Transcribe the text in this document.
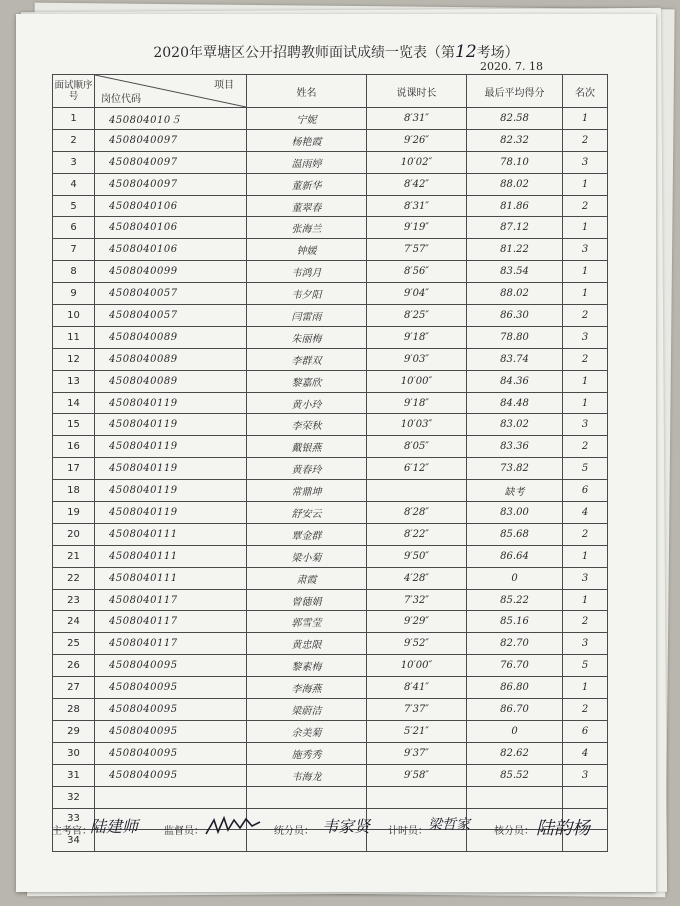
2020年覃塘区公开招聘教师面试成绩一览表（第12考场）
2020. 7. 18
面试顺序号	项目
岗位代码	姓名	说课时长	最后平均得分	名次
1	450804010５	宁妮	8′31″	82.58	1
2	4508040097	杨艳霞	9′26″	82.32	2
3	4508040097	温雨婷	10′02″	78.10	3
4	4508040097	董新华	8′42″	88.02	1
5	4508040106	董翠春	8′31″	81.86	2
6	4508040106	张海兰	9′19″	87.12	1
7	4508040106	钟媛	7′57″	81.22	3
8	4508040099	韦鸿月	8′56″	83.54	1
9	4508040057	韦夕阳	9′04″	88.02	1
10	4508040057	闫雷雨	8′25″	86.30	2
11	4508040089	朱丽梅	9′18″	78.80	3
12	4508040089	李群双	9′03″	83.74	2
13	4508040089	黎嘉欣	10′00″	84.36	1
14	4508040119	黄小玲	9′18″	84.48	1
15	4508040119	李荣秋	10′03″	83.02	3
16	4508040119	戴银燕	8′05″	83.36	2
17	4508040119	黄春玲	6′12″	73.82	5
18	4508040119	常鼎坤		缺考	6
19	4508040119	舒安云	8′28″	83.00	4
20	4508040111	覃金群	8′22″	85.68	2
21	4508040111	梁小菊	9′50″	86.64	1
22	4508040111	肃霞	4′28″	0	3
23	4508040117	曾德娟	7′32″	85.22	1
24	4508040117	郭雪莹	9′29″	85.16	2
25	4508040117	黄忠限	9′52″	82.70	3
26	4508040095	黎素梅	10′00″	76.70	5
27	4508040095	李海燕	8′41″	86.80	1
28	4508040095	梁蔚洁	7′37″	86.70	2
29	4508040095	余美菊	5′21″	0	6
30	4508040095	施秀秀	9′37″	82.62	4
31	4508040095	韦海龙	9′58″	85.52	3
32					
33					
34					
主考官：
陆建师	监督员：	统分员： 韦家贤 计时员： 梁哲家 核分员： 陆韵杨
